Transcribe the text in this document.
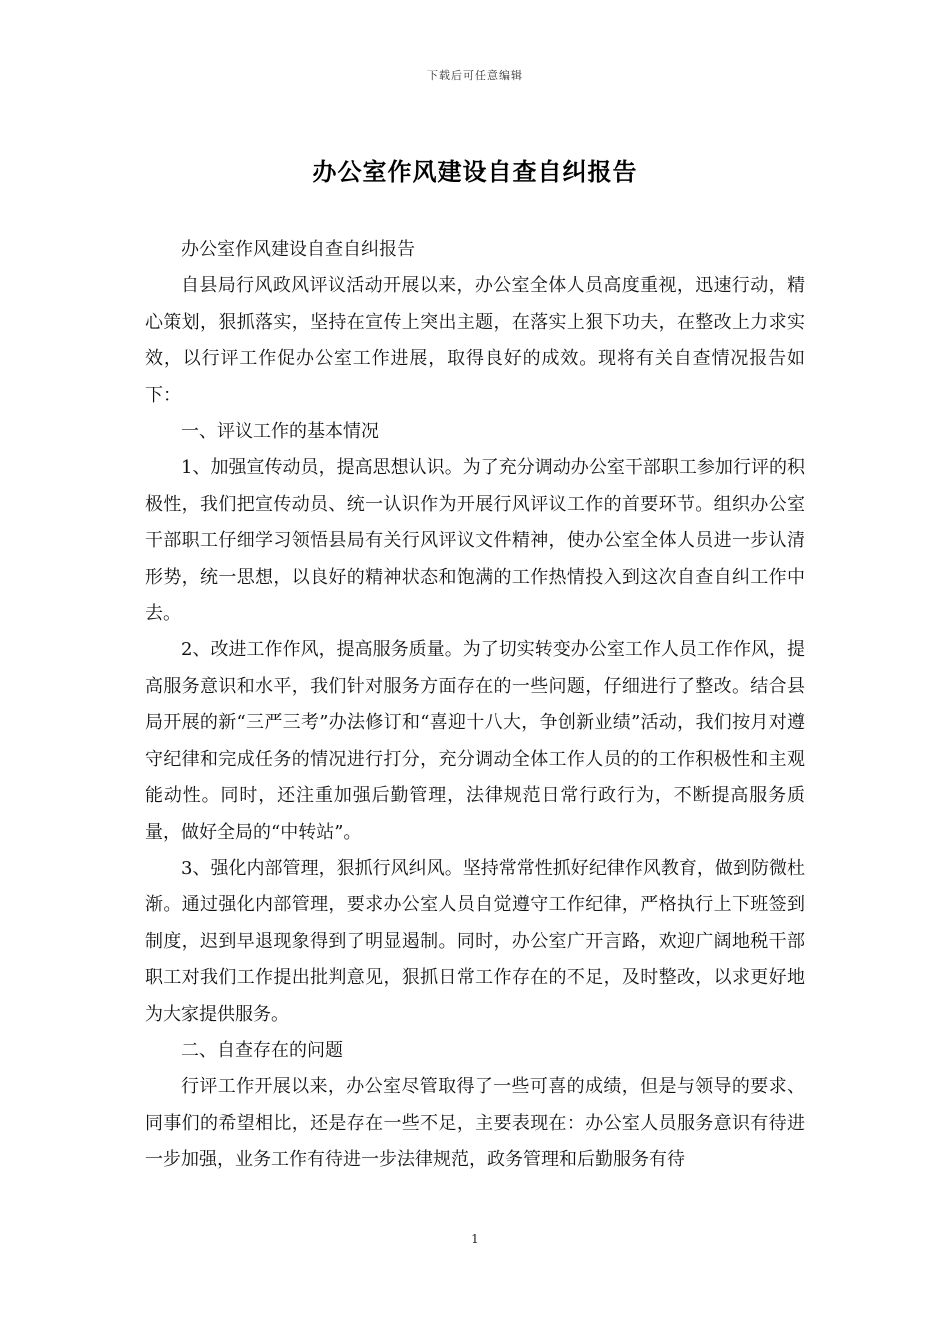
下载后可任意编辑
办公室作风建设自查自纠报告

办公室作风建设自查自纠报告

自县局行风政风评议活动开展以来，办公室全体人员高度重视，迅速行动，精心策划，狠抓落实，坚持在宣传上突出主题，在落实上狠下功夫，在整改上力求实效，以行评工作促办公室工作进展，取得良好的成效。现将有关自查情况报告如下：

一、评议工作的基本情况

1、加强宣传动员，提高思想认识。为了充分调动办公室干部职工参加行评的积极性，我们把宣传动员、统一认识作为开展行风评议工作的首要环节。组织办公室干部职工仔细学习领悟县局有关行风评议文件精神，使办公室全体人员进一步认清形势，统一思想，以良好的精神状态和饱满的工作热情投入到这次自查自纠工作中去。

2、改进工作作风，提高服务质量。为了切实转变办公室工作人员工作作风，提高服务意识和水平，我们针对服务方面存在的一些问题，仔细进行了整改。结合县局开展的新“三严三考”办法修订和“喜迎十八大，争创新业绩”活动，我们按月对遵守纪律和完成任务的情况进行打分，充分调动全体工作人员的的工作积极性和主观能动性。同时，还注重加强后勤管理，法律规范日常行政行为，不断提高服务质量，做好全局的“中转站”。

3、强化内部管理，狠抓行风纠风。坚持常常性抓好纪律作风教育，做到防微杜渐。通过强化内部管理，要求办公室人员自觉遵守工作纪律，严格执行上下班签到制度，迟到早退现象得到了明显遏制。同时，办公室广开言路，欢迎广阔地税干部职工对我们工作提出批判意见，狠抓日常工作存在的不足，及时整改，以求更好地为大家提供服务。

二、自查存在的问题

行评工作开展以来，办公室尽管取得了一些可喜的成绩，但是与领导的要求、同事们的希望相比，还是存在一些不足，主要表现在：办公室人员服务意识有待进一步加强，业务工作有待进一步法律规范，政务管理和后勤服务有待

1
